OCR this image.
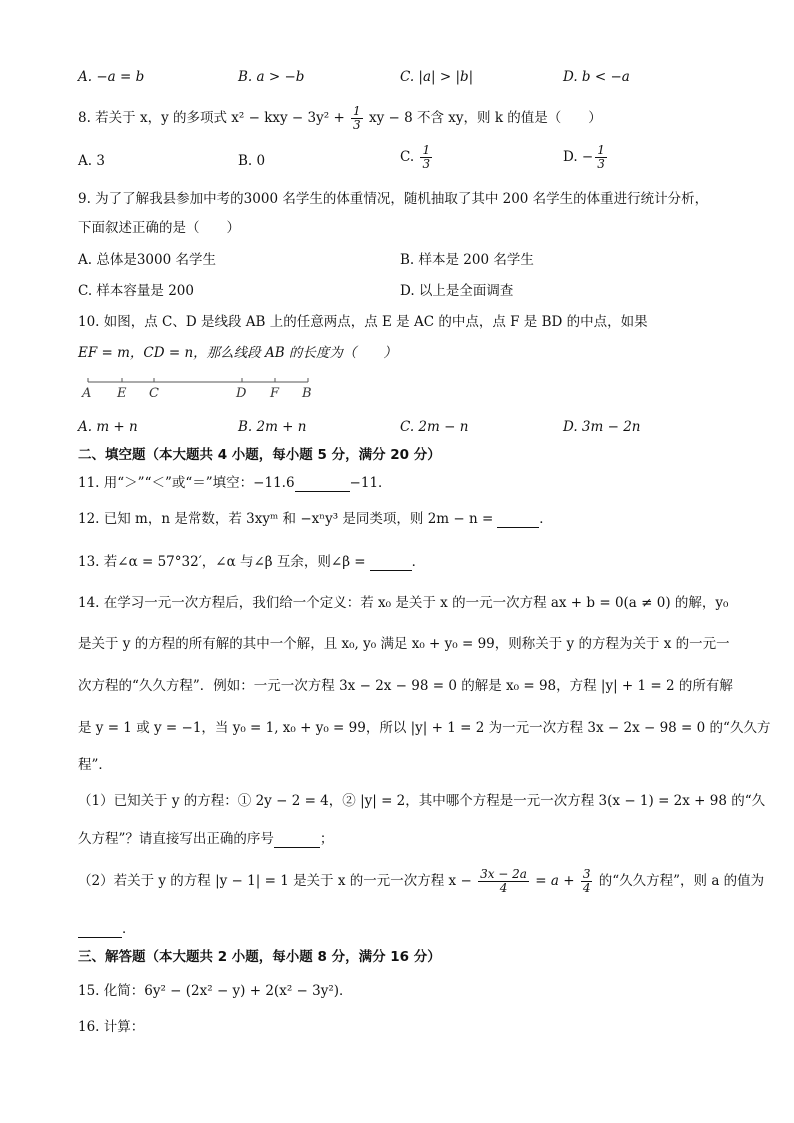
A. −a = b	B. a > −b	C. |a| > |b|	D. b < −a
8. 若关于 x，y 的多项式 x² − kxy − $3y^2 + \frac{1}{3}$ xy − 8 不含 xy，则 k 的值是（　　）
A. 3	B. 0	C. $\frac{1}{3}$	D. − $\frac{1}{3}$
9. 为了了解我县参加中考的3000 名学生的体重情况，随机抽取了其中 200 名学生的体重进行统计分析，
下面叙述正确的是（　　）
A. 总体是3000 名学生	B. 样本是 200 名学生
C. 样本容量是 200	D. 以上是全面调查
10. 如图，点 C、D 是线段 AB 上的任意两点，点 E 是 AC 的中点，点 F 是 BD 的中点，如果
EF = m，CD = n，那么线段 AB 的长度为（　　）
A E C	D F B
A. m + n	B. 2m + n	C. 2m − n	D. 3m − 2n
二、填空题（本大题共 4 小题，每小题 5 分，满分 20 分）
11. 用“＞”“＜”或“＝”填空：−11.6	−11．
12. 已知 m，n 是常数，若 3xyᵐ 和 −xⁿy³ 是同类项，则 2m − n =	．
13. 若∠α = 57°32′，∠α 与∠β 互余，则∠β =	．
14. 在学习一元一次方程后，我们给一个定义：若 x₀ 是关于 x 的一元一次方程 ax + b = 0(a ≠ 0) 的解，y₀
是关于 y 的方程的所有解的其中一个解，且 x₀, y₀ 满足 x₀ + y₀ = 99，则称关于 y 的方程为关于 x 的一元一
次方程的“久久方程”．例如：一元一次方程 3x − 2x − 98 = 0 的解是 x₀ = 98，方程 |y| + 1 = 2 的所有解
是 y = 1 或 y = −1，当 y₀ = 1, x₀ + y₀ = 99，所以 |y| + 1 = 2 为一元一次方程 3x − 2x − 98 = 0 的“久久方
程”．
（1）已知关于 y 的方程：① 2y − 2 = 4，② |y| = 2，其中哪个方程是一元一次方程 3(x − 1) = 2x + 98 的“久
久方程”？请直接写出正确的序号	；
（2）若关于 y 的方程 |y − 1| = 1 是关于 x 的一元一次方程 $x - \frac{3x - 2a}{4} = a + \frac{3}{4}$ 的“久久方程”，则 a 的值为
．
三、解答题（本大题共 2 小题，每小题 8 分，满分 16 分）
15. 化简：6y² − (2x² − y) + 2(x² − 3y²)．
16. 计算：
